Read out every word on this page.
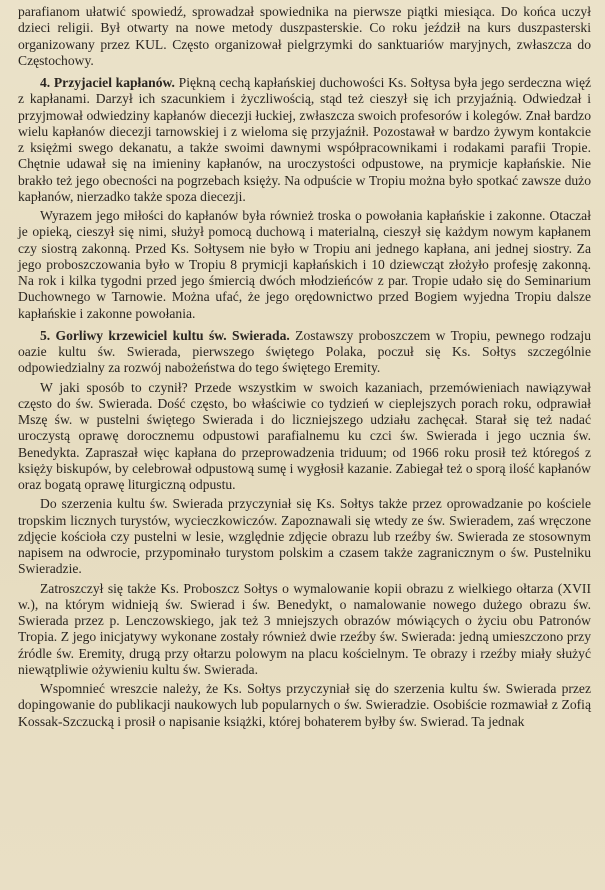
parafianom ułatwić spowiedź, sprowadzał spowiednika na pierwsze piątki miesiąca. Do końca uczył dzieci religii. Był otwarty na nowe metody duszpasterskie. Co roku jeździł na kurs duszpasterski organizowany przez KUL. Często organizował pielgrzymki do sanktuariów maryjnych, zwłaszcza do Częstochowy.

4. Przyjaciel kapłanów. Piękną cechą kapłańskiej duchowości Ks. Sołtysa była jego serdeczna więź z kapłanami. Darzył ich szacunkiem i życzliwością, stąd też cieszył się ich przyjaźnią. Odwiedzał i przyjmował odwiedziny kapłanów diecezji łuckiej, zwłaszcza swoich profesorów i kolegów. Znał bardzo wielu kapłanów diecezji tarnowskiej i z wieloma się przyjaźnił. Pozostawał w bardzo żywym kontakcie z księżmi swego dekanatu, a także swoimi dawnymi współpracownikami i rodakami parafii Tropie. Chętnie udawał się na imieniny kapłanów, na uroczystości odpustowe, na prymicje kapłańskie. Nie brakło też jego obecności na pogrzebach księży. Na odpuście w Tropiu można było spotkać zawsze dużo kapłanów, nierzadko także spoza diecezji.

Wyrazem jego miłości do kapłanów była również troska o powołania kapłańskie i zakonne. Otaczał je opieką, cieszył się nimi, służył pomocą duchową i materialną, cieszył się każdym nowym kapłanem czy siostrą zakonną. Przed Ks. Sołtysem nie było w Tropiu ani jednego kapłana, ani jednej siostry. Za jego proboszczowania było w Tropiu 8 prymicji kapłańskich i 10 dziewcząt złożyło profesję zakonną. Na rok i kilka tygodni przed jego śmiercią dwóch młodzieńców z par. Tropie udało się do Seminarium Duchownego w Tarnowie. Można ufać, że jego orędownictwo przed Bogiem wyjedna Tropiu dalsze kapłańskie i zakonne powołania.

5. Gorliwy krzewiciel kultu św. Swierada. Zostawszy proboszczem w Tropiu, pewnego rodzaju oazie kultu św. Swierada, pierwszego świętego Polaka, poczuł się Ks. Sołtys szczególnie odpowiedzialny za rozwój nabożeństwa do tego świętego Eremity.

W jaki sposób to czynił? Przede wszystkim w swoich kazaniach, przemówieniach nawiązywał często do św. Swierada. Dość często, bo właściwie co tydzień w cieplejszych porach roku, odprawiał Mszę św. w pustelni świętego Swierada i do liczniejszego udziału zachęcał. Starał się też nadać uroczystą oprawę dorocznemu odpustowi parafialnemu ku czci św. Swierada i jego ucznia św. Benedykta. Zapraszał więc kapłana do przeprowadzenia triduum; od 1966 roku prosił też któregoś z księży biskupów, by celebrował odpustową sumę i wygłosił kazanie. Zabiegał też o sporą ilość kapłanów oraz bogatą oprawę liturgiczną odpustu.

Do szerzenia kultu św. Swierada przyczyniał się Ks. Sołtys także przez oprowadzanie po kościele tropskim licznych turystów, wycieczkowiczów. Zapoznawali się wtedy ze św. Swieradem, zaś wręczone zdjęcie kościoła czy pustelni w lesie, względnie zdjęcie obrazu lub rzeźby św. Swierada ze stosownym napisem na odwrocie, przypominało turystom polskim a czasem także zagranicznym o św. Pustelniku Swieradzie.

Zatroszczył się także Ks. Proboszcz Sołtys o wymalowanie kopii obrazu z wielkiego ołtarza (XVII w.), na którym widnieją św. Swierad i św. Benedykt, o namalowanie nowego dużego obrazu św. Swierada przez p. Lenczowskiego, jak też 3 mniejszych obrazów mówiących o życiu obu Patronów Tropia. Z jego inicjatywy wykonane zostały również dwie rzeźby św. Swierada: jedną umieszczono przy źródle św. Eremity, drugą przy ołtarzu polowym na placu kościelnym. Te obrazy i rzeźby miały służyć niewątpliwie ożywieniu kultu św. Swierada.

Wspomnieć wreszcie należy, że Ks. Sołtys przyczyniał się do szerzenia kultu św. Swierada przez dopingowanie do publikacji naukowych lub popularnych o św. Swieradzie. Osobiście rozmawiał z Zofią Kossak-Szczucką i prosił o napisanie książki, której bohaterem byłby św. Swierad. Ta jednak
